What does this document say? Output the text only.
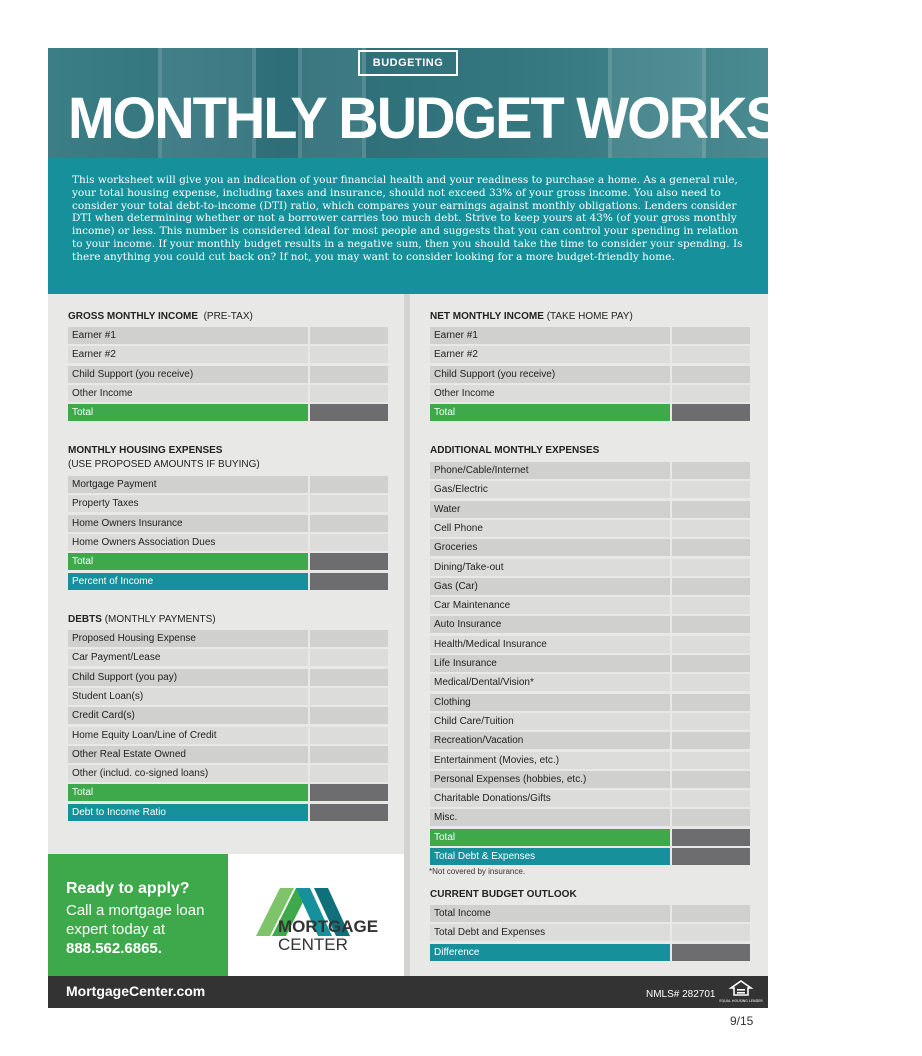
BUDGETING
MONTHLY BUDGET WORKSHEET

This worksheet will give you an indication of your financial health and your readiness to purchase a home. As a general rule, your total housing expense, including taxes and insurance, should not exceed 33% of your gross income. You also need to consider your total debt-to-income (DTI) ratio, which compares your earnings against monthly obligations. Lenders consider DTI when determining whether or not a borrower carries too much debt. Strive to keep yours at 43% (of your gross monthly income) or less. This number is considered ideal for most people and suggests that you can control your spending in relation to your income. If your monthly budget results in a negative sum, then you should take the time to consider your spending. Is there anything you could cut back on? If not, you may want to consider looking for a more budget-friendly home.

GROSS MONTHLY INCOME (PRE-TAX)
MONTHLY HOUSING EXPENSES
(USE PROPOSED AMOUNTS IF BUYING)
DEBTS (MONTHLY PAYMENTS)
NET MONTHLY INCOME (TAKE HOME PAY)
ADDITIONAL MONTHLY EXPENSES
*Not covered by insurance.
CURRENT BUDGET OUTLOOK
Ready to apply?
Call a mortgage loan expert today at 888.562.6865.
MORTGAGE
CENTER
MortgageCenter.com	NMLS# 282701
EQUAL HOUSING LENDER
Earner #1
Earner #2
Child Support (you receive)
Other Income
Total
Mortgage Payment
Property Taxes
Home Owners Insurance
Home Owners Association Dues
Total
Percent of Income
Proposed Housing Expense
Car Payment/Lease
Child Support (you pay)
Student Loan(s)
Credit Card(s)
Home Equity Loan/Line of Credit
Other Real Estate Owned
Other (includ. co-signed loans)
Total
Debt to Income Ratio
Earner #1
Earner #2
Child Support (you receive)
Other Income
Total
Phone/Cable/Internet
Gas/Electric
Water
Cell Phone
Groceries
Dining/Take-out
Gas (Car)
Car Maintenance
Auto Insurance
Health/Medical Insurance
Life Insurance
Medical/Dental/Vision*
Clothing
Child Care/Tuition
Recreation/Vacation
Entertainment (Movies, etc.)
Personal Expenses (hobbies, etc.)
Charitable Donations/Gifts
Misc.
Total
Total Debt & Expenses
Total Income
Total Debt and Expenses
Difference
9/15
